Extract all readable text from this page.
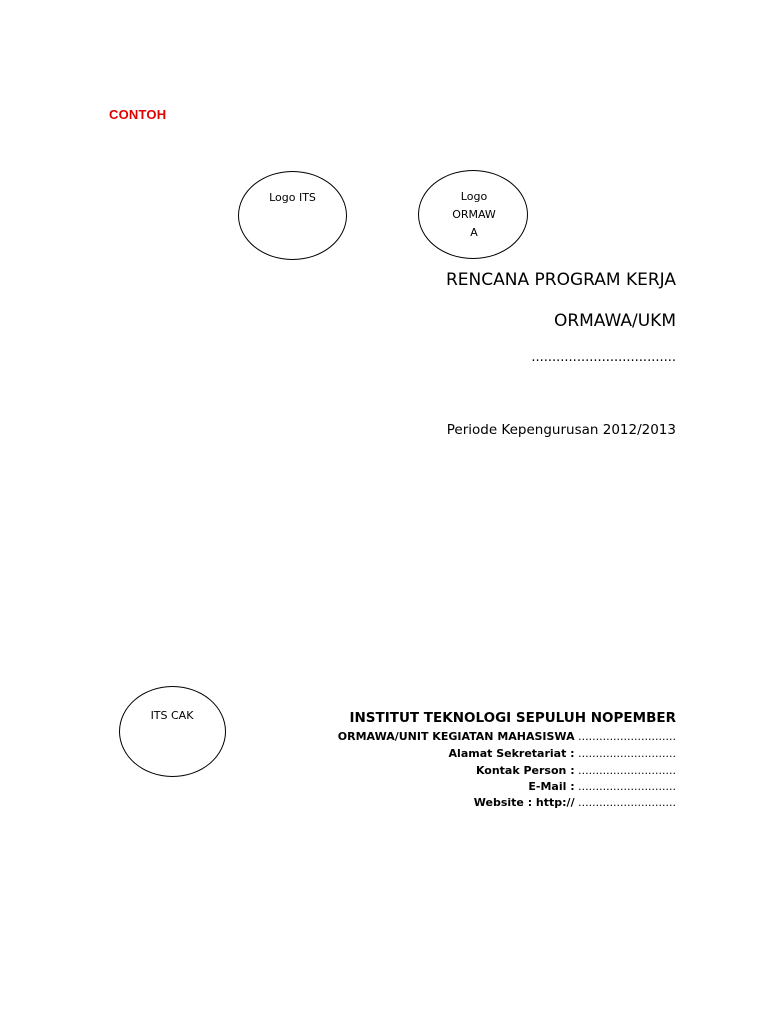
CONTOH
Logo ITS	Logo
ORMAW
A
RENCANA PROGRAM KERJA
ORMAWA/UKM
...................................
Periode Kepengurusan 2012/2013
ITS CAK	INSTITUT TEKNOLOGI SEPULUH NOPEMBER
ORMAWA/UNIT KEGIATAN MAHASISWA ............................
Alamat Sekretariat : ............................
Kontak Person : ............................
E-Mail : ............................
Website : http:// ............................
